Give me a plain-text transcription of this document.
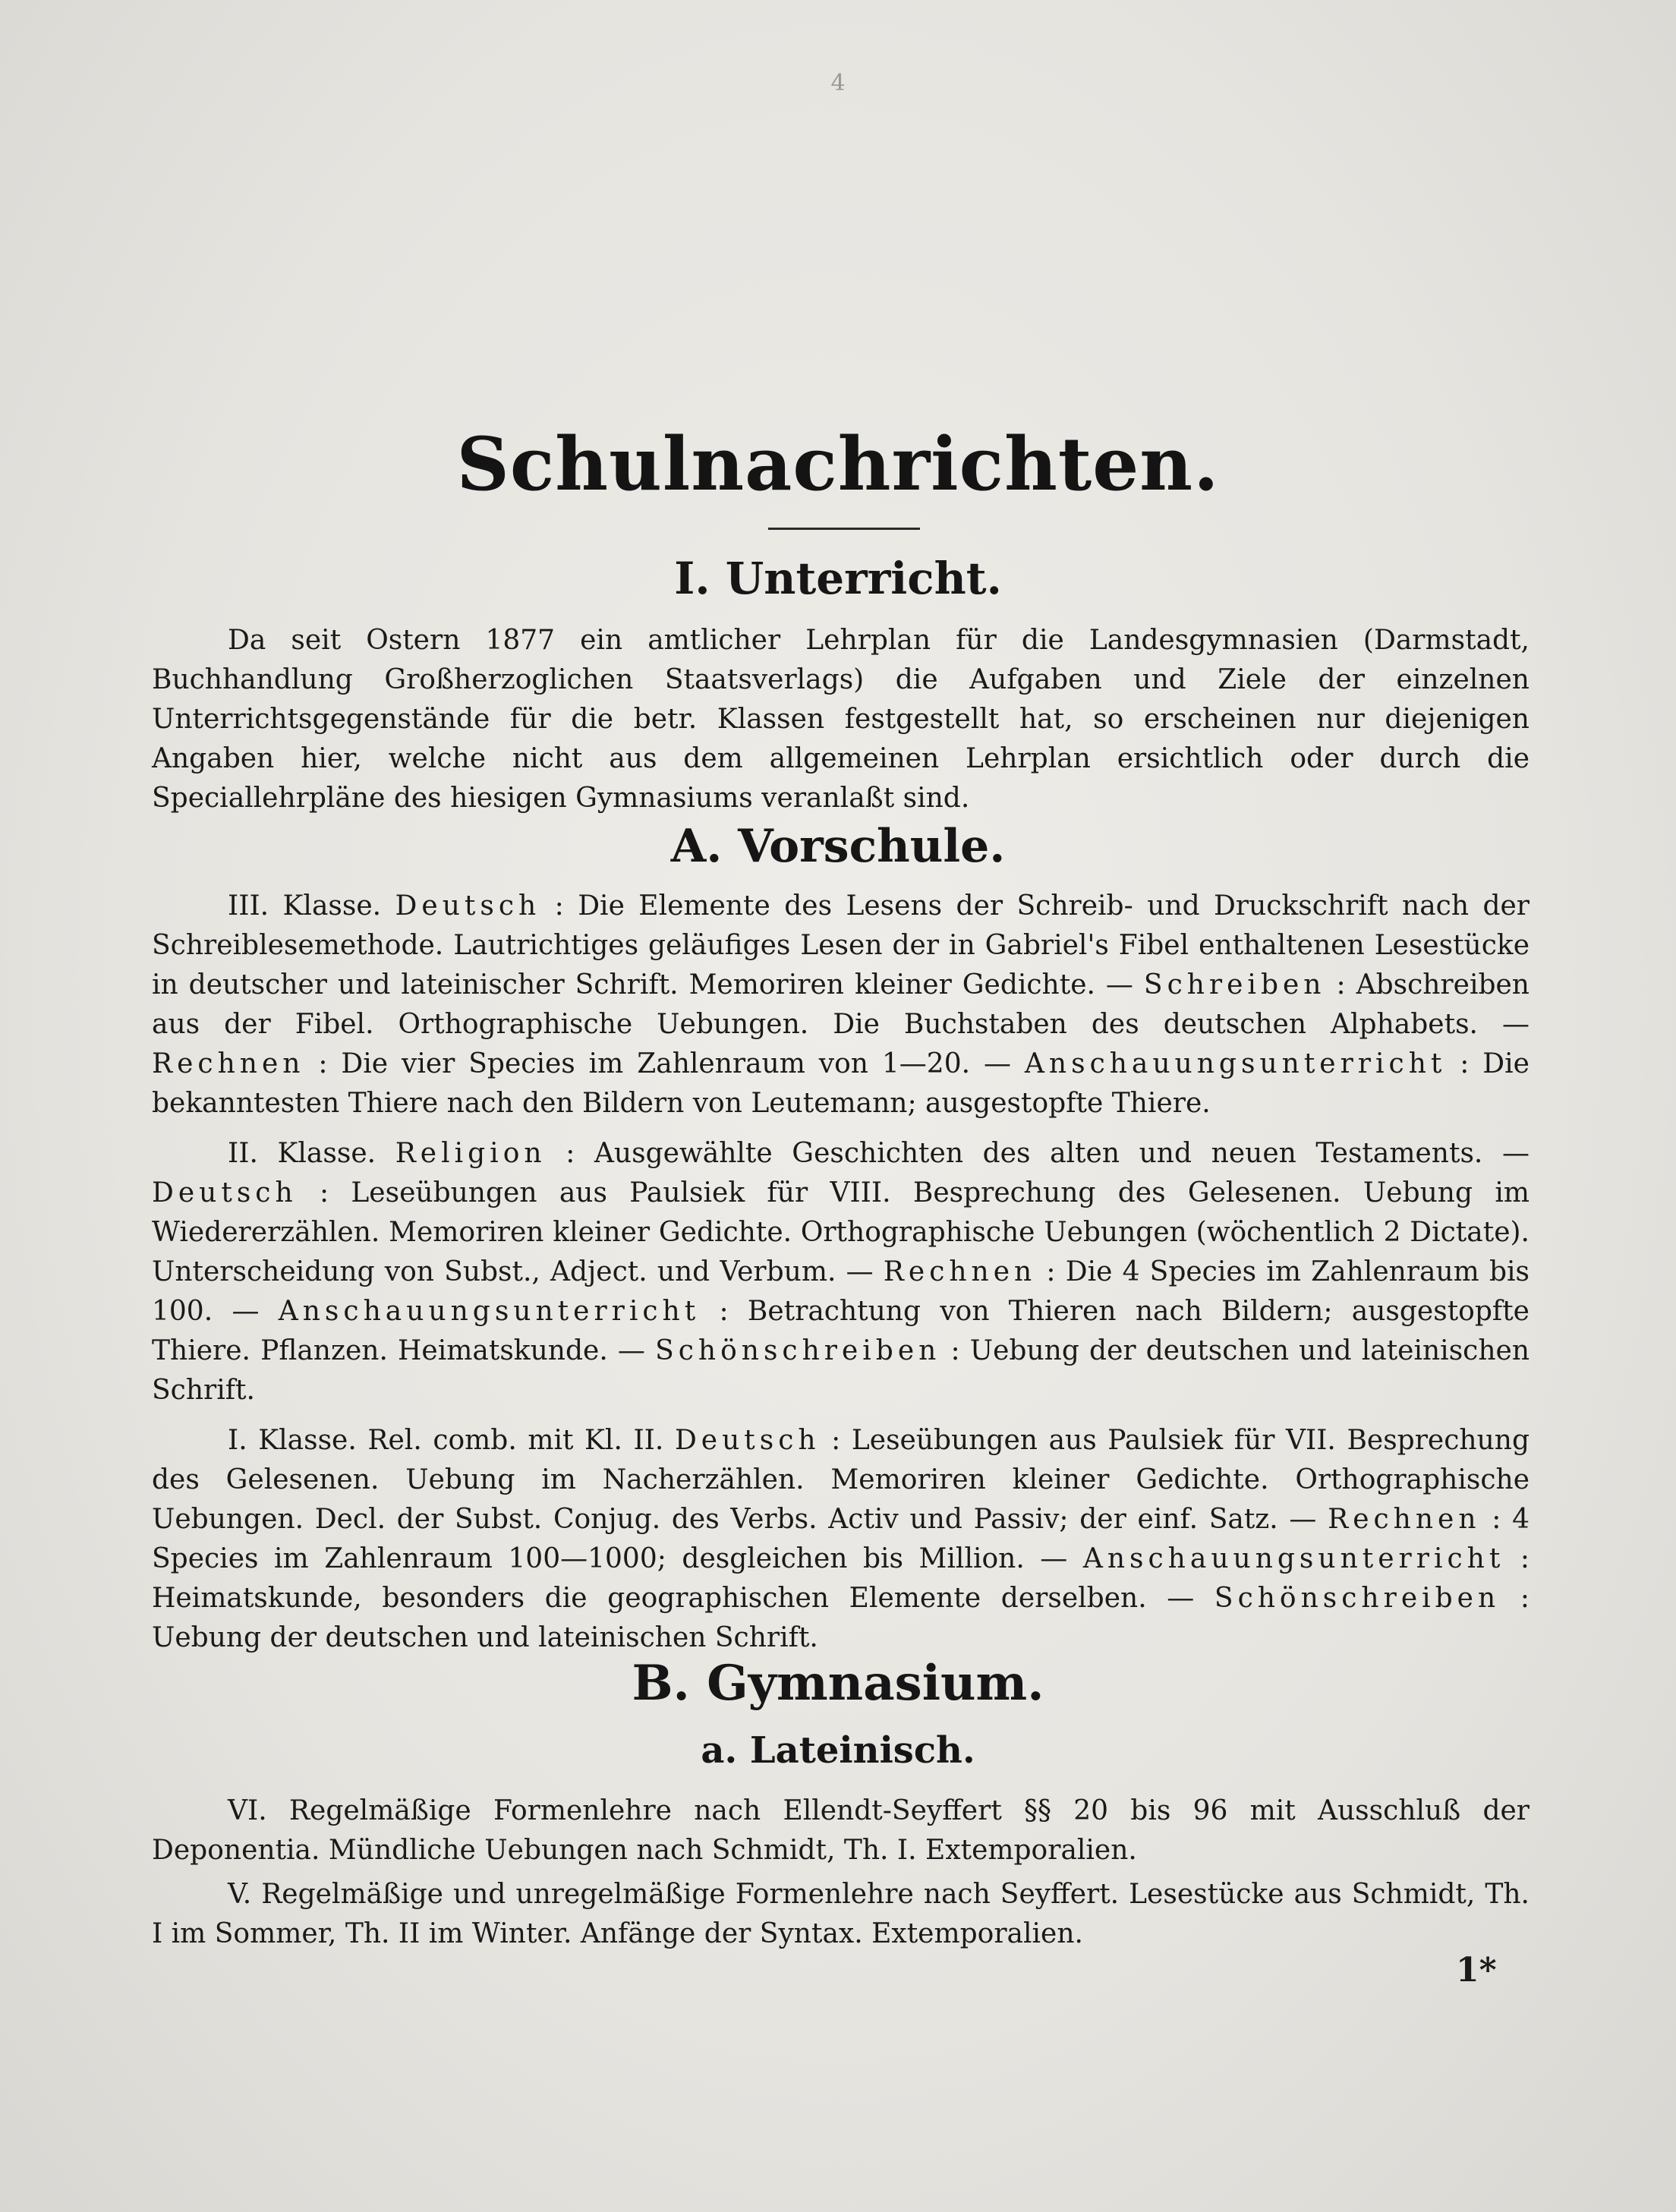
4
Schulnachrichten.
I. Unterricht.

Da seit Ostern 1877 ein amtlicher Lehrplan für die Landesgymnasien (Darmstadt, Buchhandlung Großherzoglichen Staatsverlags) die Aufgaben und Ziele der einzelnen Unterrichtsgegenstände für die betr. Klassen festgestellt hat, so erscheinen nur diejenigen Angaben hier, welche nicht aus dem allgemeinen Lehrplan ersichtlich oder durch die Speciallehrpläne des hiesigen Gymnasiums veranlaßt sind.

A. Vorschule.

III. Klasse. Deutsch : Die Elemente des Lesens der Schreib- und Druckschrift nach der Schreiblesemethode. Lautrichtiges geläufiges Lesen der in Gabriel's Fibel enthaltenen Lesestücke in deutscher und lateinischer Schrift. Memoriren kleiner Gedichte. — Schreiben : Abschreiben aus der Fibel. Orthographische Uebungen. Die Buchstaben des deutschen Alphabets. — Rechnen : Die vier Species im Zahlenraum von 1—20. — Anschauungsunterricht : Die bekanntesten Thiere nach den Bildern von Leutemann; ausgestopfte Thiere.

II. Klasse. Religion : Ausgewählte Geschichten des alten und neuen Testaments. — Deutsch : Leseübungen aus Paulsiek für VIII. Besprechung des Gelesenen. Uebung im Wiedererzählen. Memoriren kleiner Gedichte. Orthographische Uebungen (wöchentlich 2 Dictate). Unterscheidung von Subst., Adject. und Verbum. — Rechnen : Die 4 Species im Zahlenraum bis 100. — Anschauungsunterricht : Betrachtung von Thieren nach Bildern; ausgestopfte Thiere. Pflanzen. Heimatskunde. — Schönschreiben : Uebung der deutschen und lateinischen Schrift.

I. Klasse. Rel. comb. mit Kl. II. Deutsch : Leseübungen aus Paulsiek für VII. Besprechung des Gelesenen. Uebung im Nacherzählen. Memoriren kleiner Gedichte. Orthographische Uebungen. Decl. der Subst. Conjug. des Verbs. Activ und Passiv; der einf. Satz. — Rechnen : 4 Species im Zahlenraum 100—1000; desgleichen bis Million. — Anschauungsunterricht : Heimatskunde, besonders die geographischen Elemente derselben. — Schönschreiben : Uebung der deutschen und lateinischen Schrift.

B. Gymnasium.
a. Lateinisch.

VI. Regelmäßige Formenlehre nach Ellendt-Seyffert §§ 20 bis 96 mit Ausschluß der Deponentia. Mündliche Uebungen nach Schmidt, Th. I. Extemporalien.

V. Regelmäßige und unregelmäßige Formenlehre nach Seyffert. Lesestücke aus Schmidt, Th. I im Sommer, Th. II im Winter. Anfänge der Syntax. Extemporalien.

1*
